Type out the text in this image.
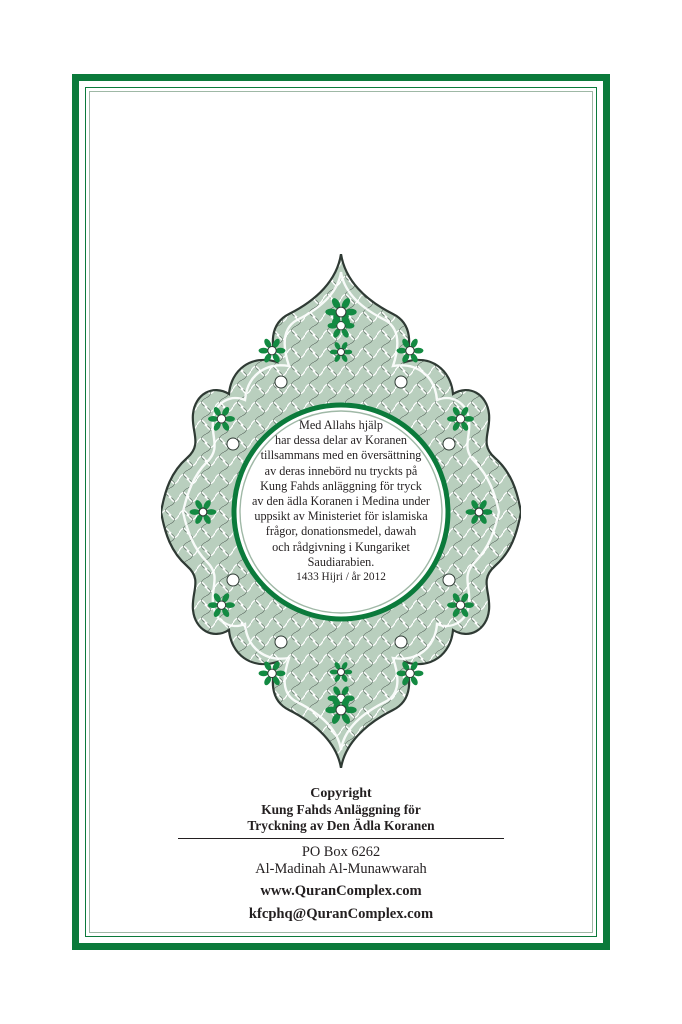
Med Allahs hjälp
har dessa delar av Koranen
tillsammans med en översättning
av deras innebörd nu tryckts på
Kung Fahds anläggning för tryck
av den ädla Koranen i Medina under
uppsikt av Ministeriet för islamiska
frågor, donationsmedel, dawah
och rådgivning i Kungariket
Saudiarabien.
1433 Hijri / år 2012
Copyright
Kung Fahds Anläggning för
Tryckning av Den Ädla Koranen
PO Box 6262
Al-Madinah Al-Munawwarah
www.QuranComplex.com
kfcphq@QuranComplex.com
